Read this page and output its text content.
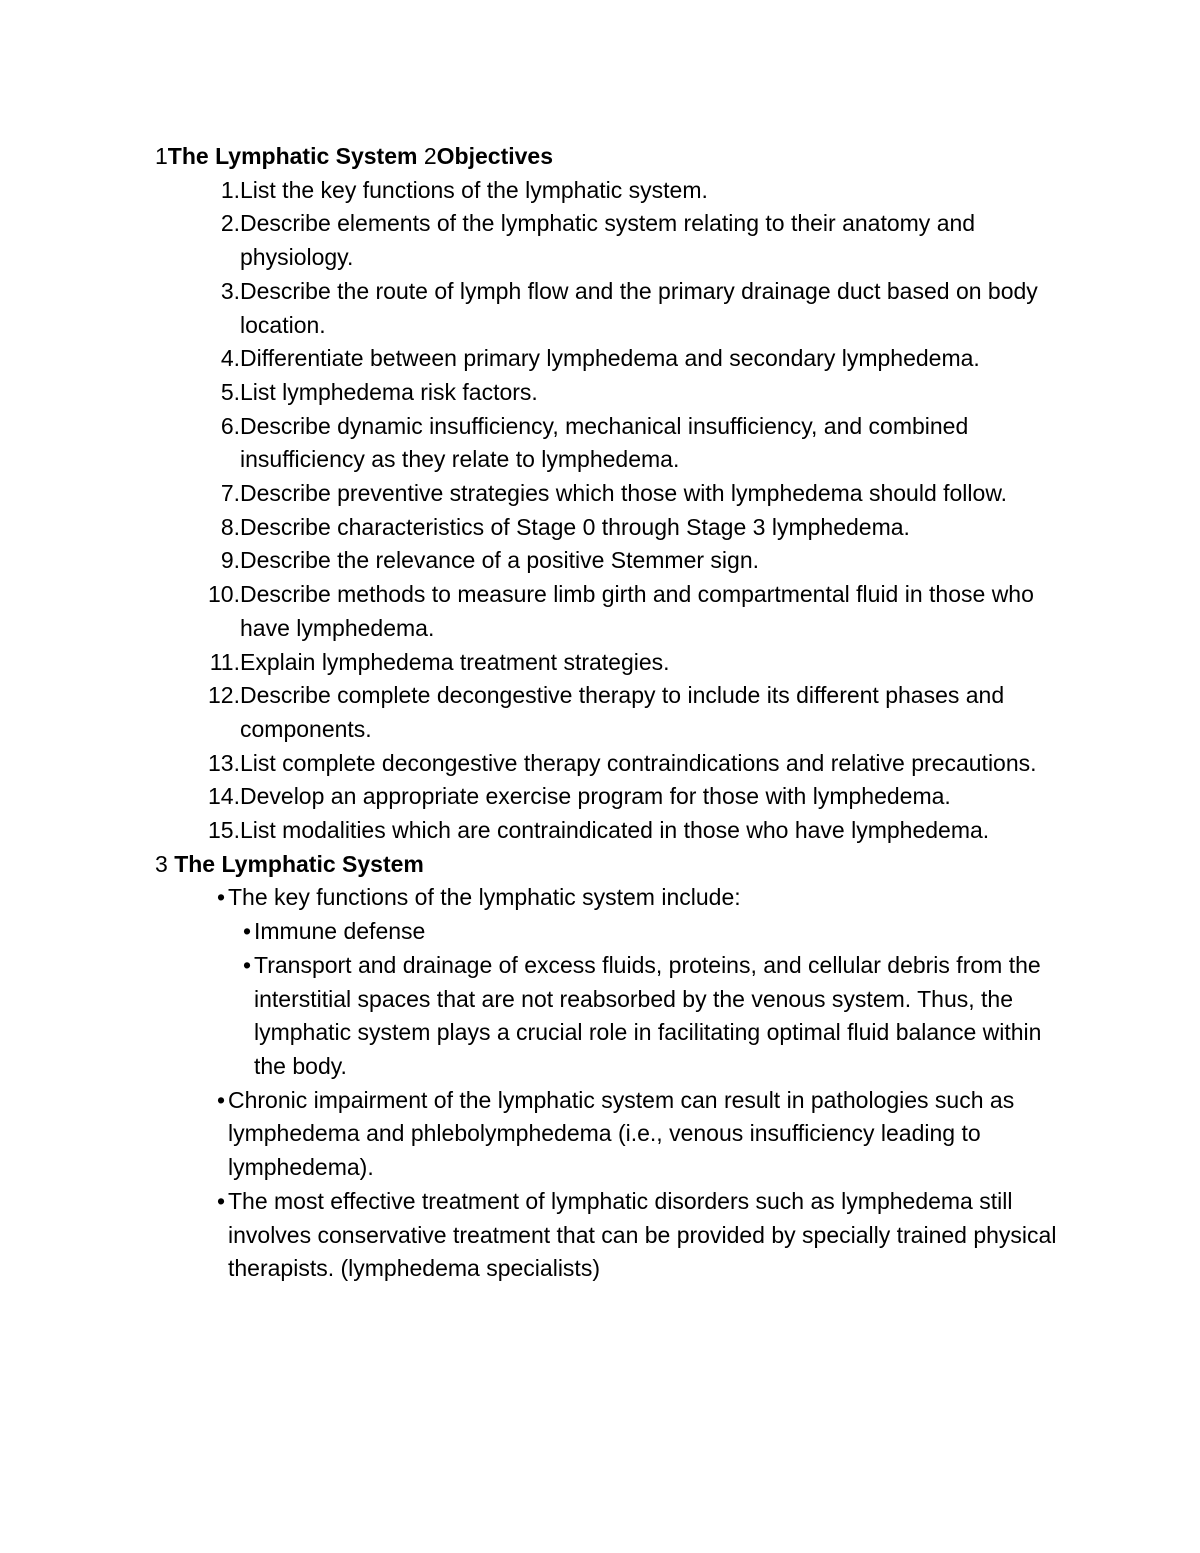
1The Lymphatic System 2Objectives
1. List the key functions of the lymphatic system.
2. Describe elements of the lymphatic system relating to their anatomy and physiology.
3. Describe the route of lymph flow and the primary drainage duct based on body location.
4. Differentiate between primary lymphedema and secondary lymphedema.
5. List lymphedema risk factors.
6. Describe dynamic insufficiency, mechanical insufficiency, and combined insufficiency as they relate to lymphedema.
7. Describe preventive strategies which those with lymphedema should follow.
8. Describe characteristics of Stage 0 through Stage 3 lymphedema.
9. Describe the relevance of a positive Stemmer sign.
10. Describe methods to measure limb girth and compartmental fluid in those who have lymphedema.
11. Explain lymphedema treatment strategies.
12. Describe complete decongestive therapy to include its different phases and components.
13. List complete decongestive therapy contraindications and relative precautions.
14. Develop an appropriate exercise program for those with lymphedema.
15. List modalities which are contraindicated in those who have lymphedema.
3 The Lymphatic System
• The key functions of the lymphatic system include:
• Immune defense
• Transport and drainage of excess fluids, proteins, and cellular debris from the interstitial spaces that are not reabsorbed by the venous system. Thus, the lymphatic system plays a crucial role in facilitating optimal fluid balance within the body.
• Chronic impairment of the lymphatic system can result in pathologies such as lymphedema and phlebolymphedema (i.e., venous insufficiency leading to lymphedema).
• The most effective treatment of lymphatic disorders such as lymphedema still involves conservative treatment that can be provided by specially trained physical therapists. (lymphedema specialists)
